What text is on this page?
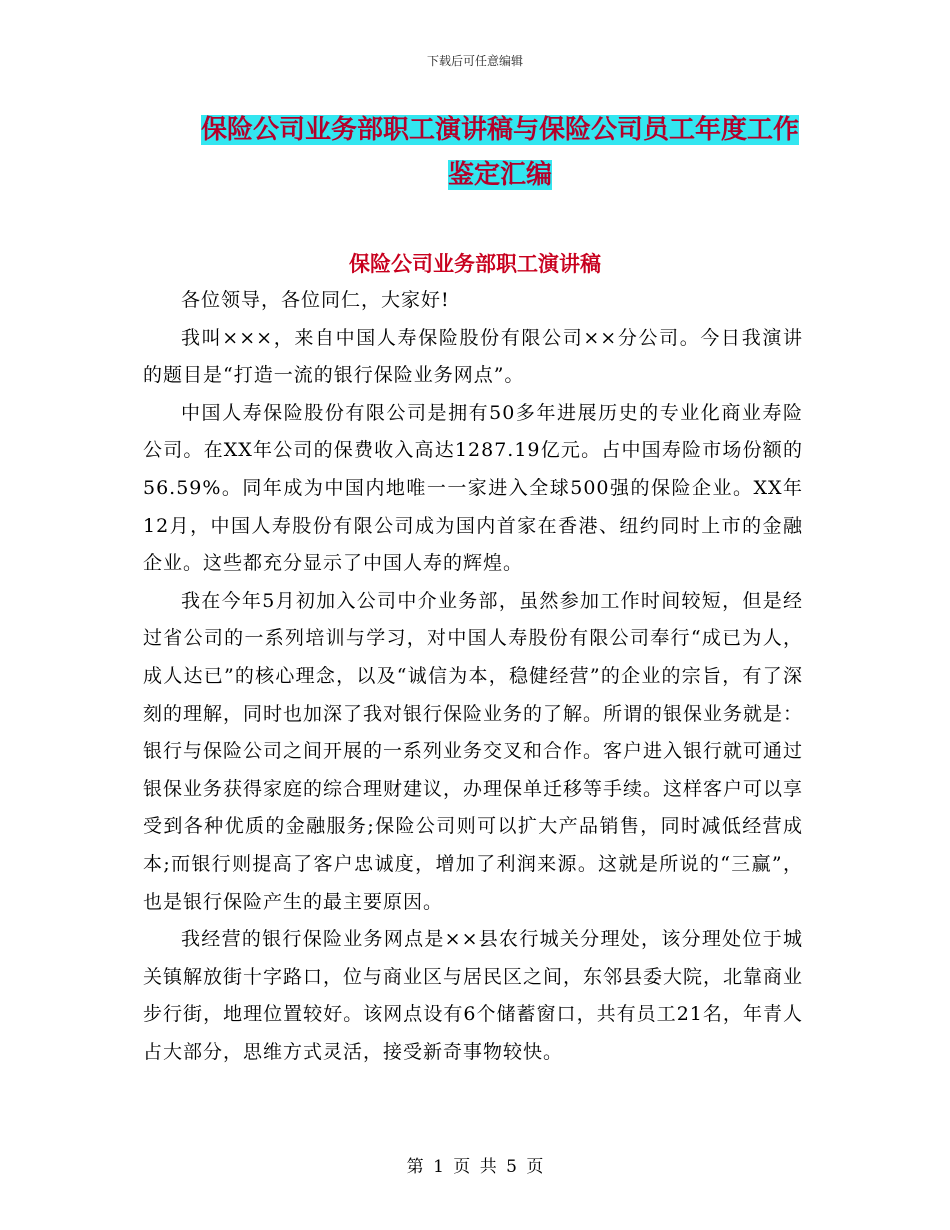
下载后可任意编辑
保险公司业务部职工演讲稿与保险公司员工年度工作
鉴定汇编
保险公司业务部职工演讲稿

各位领导，各位同仁，大家好!

我叫×××，来自中国人寿保险股份有限公司××分公司。今日我演讲的题目是“打造一流的银行保险业务网点”。

中国人寿保险股份有限公司是拥有50多年进展历史的专业化商业寿险公司。在XX年公司的保费收入高达1287.19亿元。占中国寿险市场份额的 56.59%。同年成为中国内地唯一一家进入全球500强的保险企业。XX年12月，中国人寿股份有限公司成为国内首家在香港、纽约同时上市的金融企业。这些都充分显示了中国人寿的辉煌。

我在今年5月初加入公司中介业务部，虽然参加工作时间较短，但是经过省公司的一系列培训与学习，对中国人寿股份有限公司奉行“成已为人，成人达已”的核心理念，以及“诚信为本，稳健经营”的企业的宗旨，有了深刻的理解，同时也加深了我对银行保险业务的了解。所谓的银保业务就是：银行与保险公司之间开展的一系列业务交叉和合作。客户进入银行就可通过银保业务获得家庭的综合理财建议，办理保单迁移等手续。这样客户可以享受到各种优质的金融服务;保险公司则可以扩大产品销售，同时减低经营成本;而银行则提高了客户忠诚度，增加了利润来源。这就是所说的“三赢”，也是银行保险产生的最主要原因。

我经营的银行保险业务网点是××县农行城关分理处，该分理处位于城关镇解放街十字路口，位与商业区与居民区之间，东邻县委大院，北靠商业步行街，地理位置较好。该网点设有6个储蓄窗口，共有员工21名，年青人占大部分，思维方式灵活，接受新奇事物较快。

第 1 页 共 5 页
